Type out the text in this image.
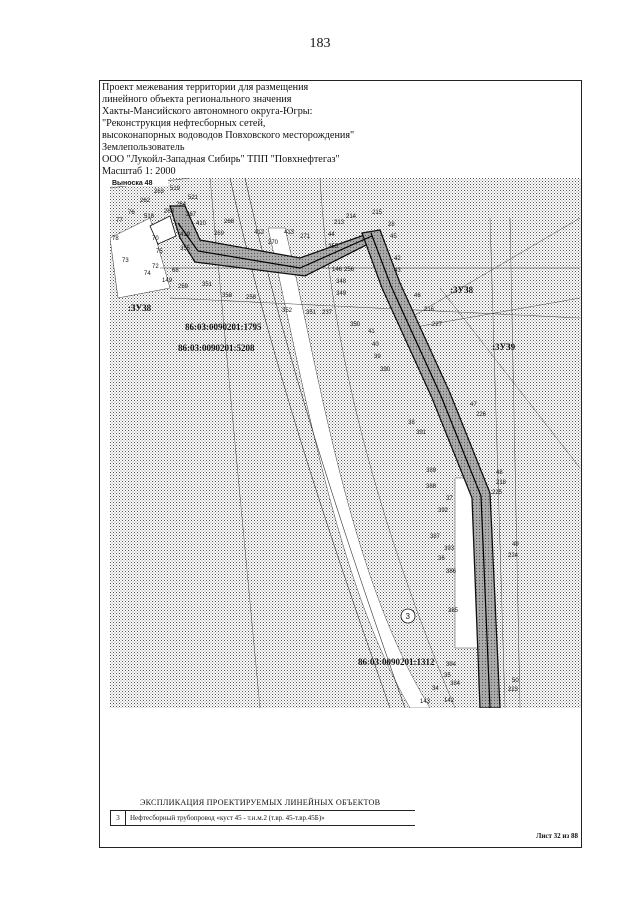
183
Проект межевания территории для размещения
линейного объекта регионального значения
Хакты-Мансийского автономного округа-Югры:
"Реконструкция нефтесборных сетей,
высоконапорных водоводов Повховского месторождения"
Землепользователь
ООО "Лукойл-Западная Сибирь" ТПП "Повхнефтегаз"
Масштаб 1: 2000
3
Выноска 48
:3У38
:3У38
:3У39
86:03:0090201:1795
86:03:0090201:5208
86:03:0090201:1312
263 519
521
262
264
76
518
263 267
410	268
77
419	269	412	413
70
270
271	44
215
214
213	28
45
78
75
255
73
72
355
42
43
74	68
149
146 256
259 351	348
358 258
349	46
352 351 237	216
227
350
41
40
39
390
47
226
38
391
389	48
218
388
225
37
392
387
393
49
224
36
386
385
394
35
384
34
50
223
143 142
ЭКСПЛИКАЦИЯ ПРОЕКТИРУЕМЫХ ЛИНЕЙНЫХ ОБЪЕКТОВ
3	Нефтесборный трубопровод «куст 45 - т.н.м.2 (т.вр. 45-т.вр.45Б)»
Лист 32 из 88
